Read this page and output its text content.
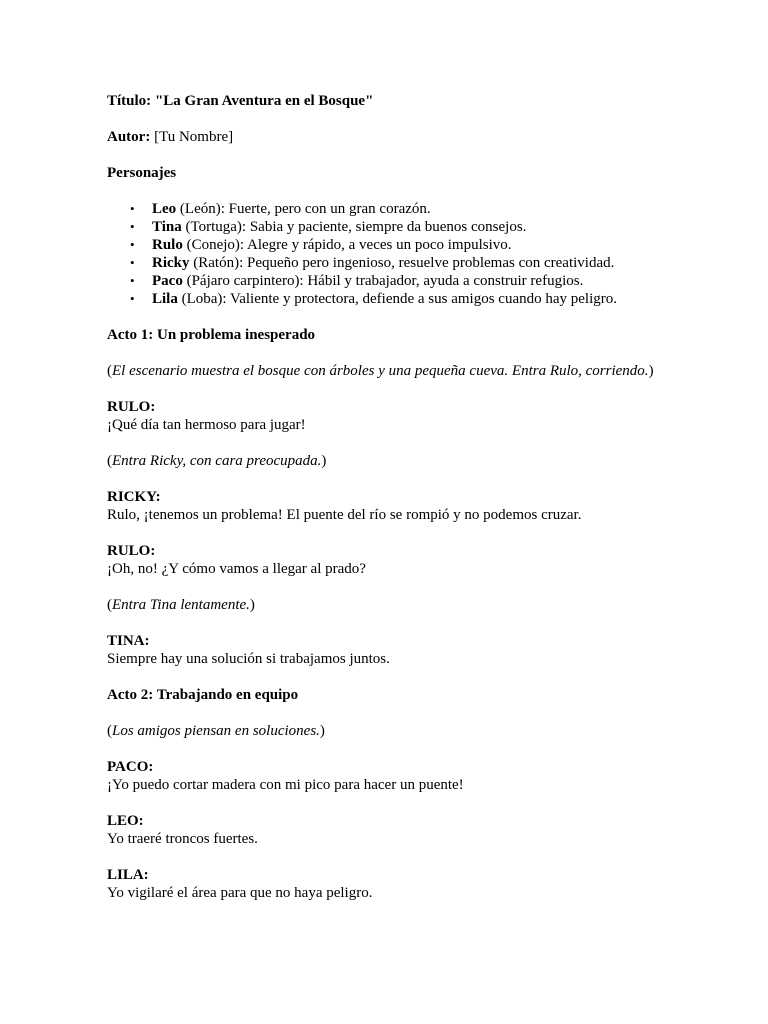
Título: "La Gran Aventura en el Bosque"

Autor: [Tu Nombre]

Personajes

• Leo (León): Fuerte, pero con un gran corazón.
• Tina (Tortuga): Sabia y paciente, siempre da buenos consejos.
• Rulo (Conejo): Alegre y rápido, a veces un poco impulsivo.
• Ricky (Ratón): Pequeño pero ingenioso, resuelve problemas con creatividad.
• Paco (Pájaro carpintero): Hábil y trabajador, ayuda a construir refugios.
• Lila (Loba): Valiente y protectora, defiende a sus amigos cuando hay peligro.

Acto 1: Un problema inesperado

(El escenario muestra el bosque con árboles y una pequeña cueva. Entra Rulo, corriendo.)

RULO:
¡Qué día tan hermoso para jugar!

(Entra Ricky, con cara preocupada.)

RICKY:
Rulo, ¡tenemos un problema! El puente del río se rompió y no podemos cruzar.
RULO:
¡Oh, no! ¿Y cómo vamos a llegar al prado?

(Entra Tina lentamente.)

TINA:
Siempre hay una solución si trabajamos juntos.

Acto 2: Trabajando en equipo

(Los amigos piensan en soluciones.)

PACO:
¡Yo puedo cortar madera con mi pico para hacer un puente!
LEO:
Yo traeré troncos fuertes.
LILA:
Yo vigilaré el área para que no haya peligro.
